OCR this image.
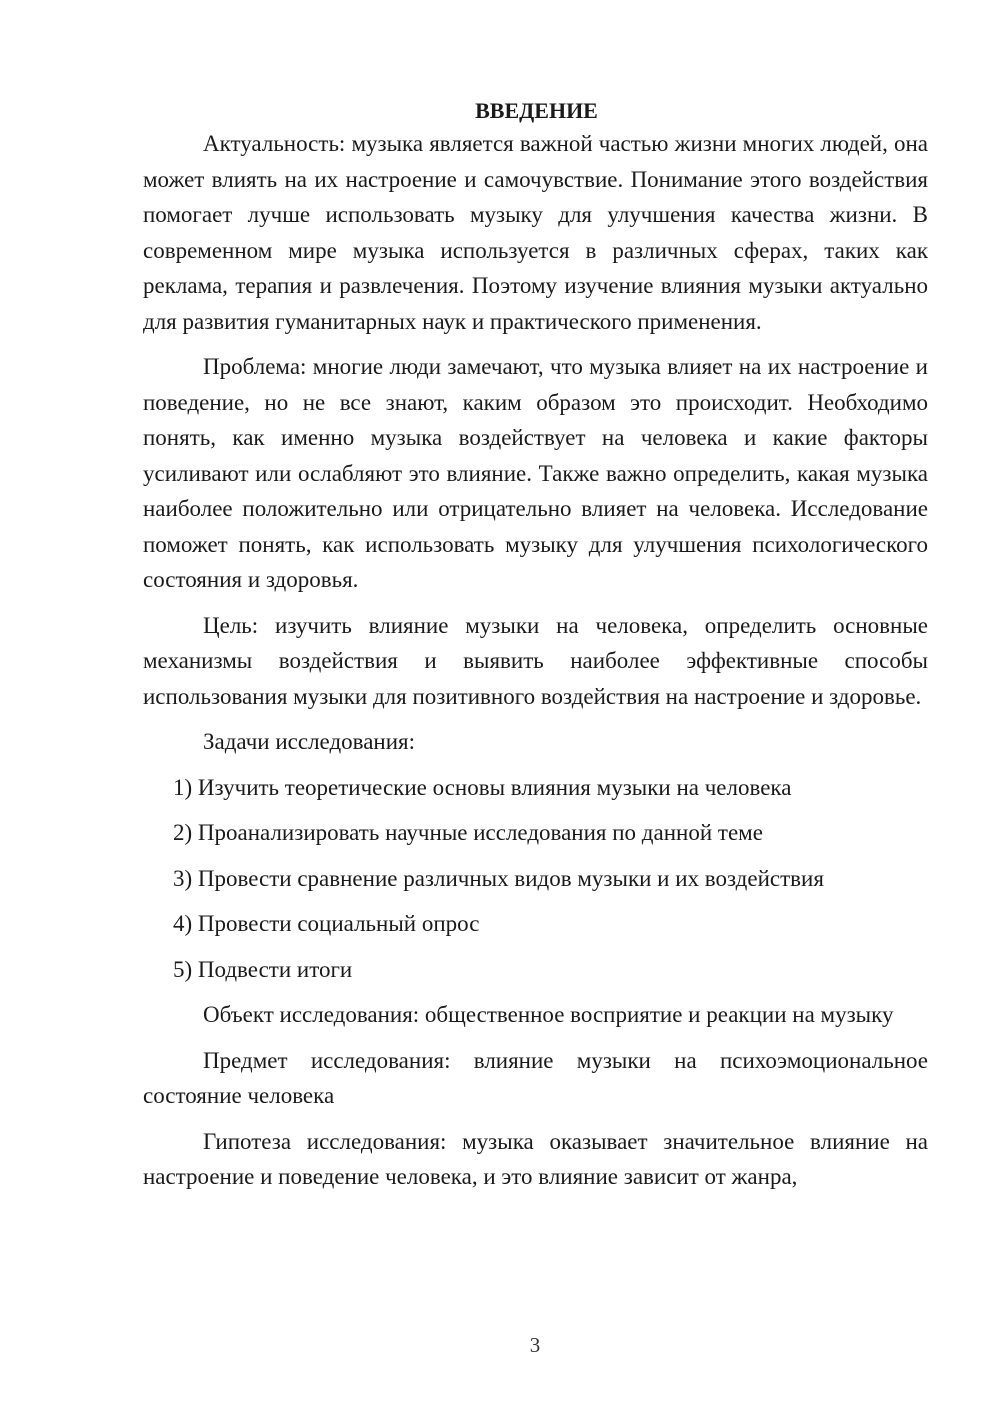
ВВЕДЕНИЕ

Актуальность: музыка является важной частью жизни многих людей, она может влиять на их настроение и самочувствие. Понимание этого воздействия помогает лучше использовать музыку для улучшения качества жизни. В современном мире музыка используется в различных сферах, таких как реклама, терапия и развлечения. Поэтому изучение влияния музыки актуально для развития гуманитарных наук и практического применения.

Проблема: многие люди замечают, что музыка влияет на их настроение и поведение, но не все знают, каким образом это происходит. Необходимо понять, как именно музыка воздействует на человека и какие факторы усиливают или ослабляют это влияние. Также важно определить, какая музыка наиболее положительно или отрицательно влияет на человека. Исследование поможет понять, как использовать музыку для улучшения психологического состояния и здоровья.

Цель: изучить влияние музыки на человека, определить основные механизмы воздействия и выявить наиболее эффективные способы использования музыки для позитивного воздействия на настроение и здоровье.

Задачи исследования:

1) Изучить теоретические основы влияния музыки на человека
2) Проанализировать научные исследования по данной теме
3) Провести сравнение различных видов музыки и их воздействия
4) Провести социальный опрос
5) Подвести итоги

Объект исследования: общественное восприятие и реакции на музыку

Предмет исследования: влияние музыки на психоэмоциональное состояние человека

Гипотеза исследования: музыка оказывает значительное влияние на настроение и поведение человека, и это влияние зависит от жанра,

3
